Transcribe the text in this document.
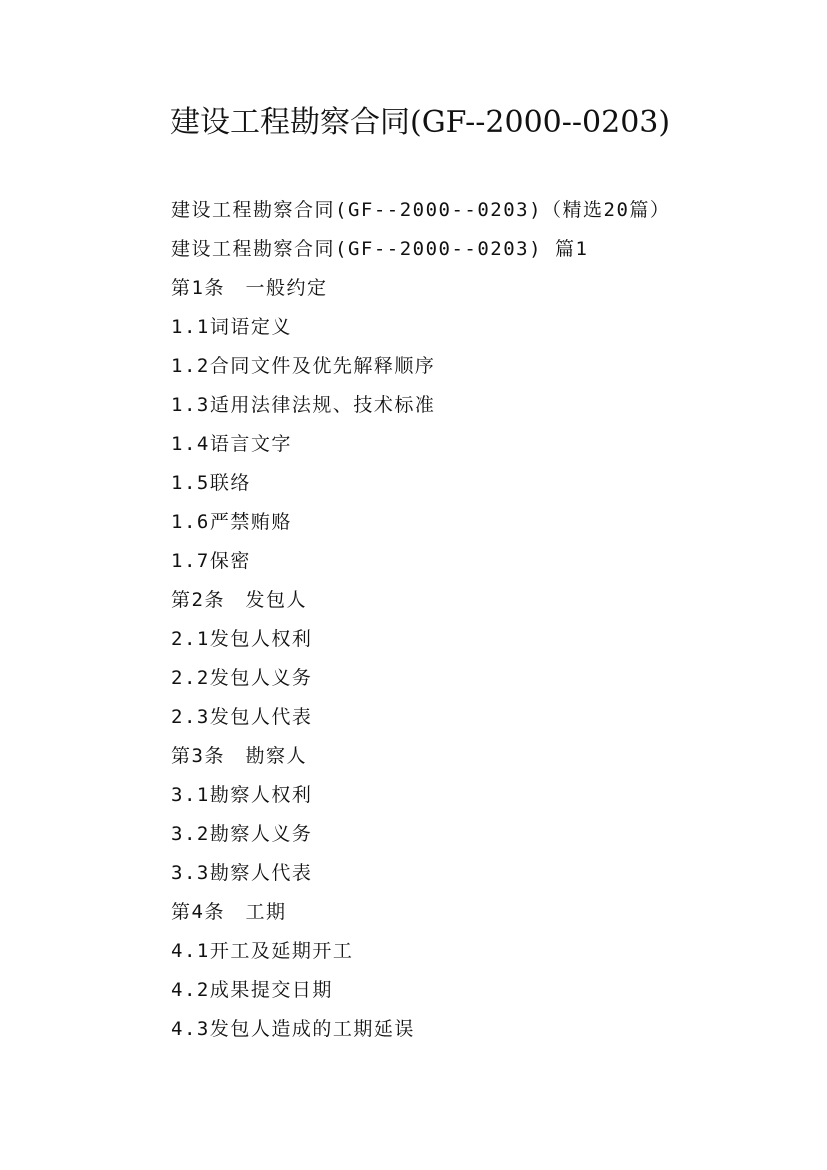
建设工程勘察合同(GF--2000--0203)
建设工程勘察合同(GF--2000--0203)（精选20篇）
建设工程勘察合同(GF--2000--0203) 篇1
第1条　一般约定
1.1词语定义
1.2合同文件及优先解释顺序
1.3适用法律法规、技术标准
1.4语言文字
1.5联络
1.6严禁贿赂
1.7保密
第2条　发包人
2.1发包人权利
2.2发包人义务
2.3发包人代表
第3条　勘察人
3.1勘察人权利
3.2勘察人义务
3.3勘察人代表
第4条　工期
4.1开工及延期开工
4.2成果提交日期
4.3发包人造成的工期延误
